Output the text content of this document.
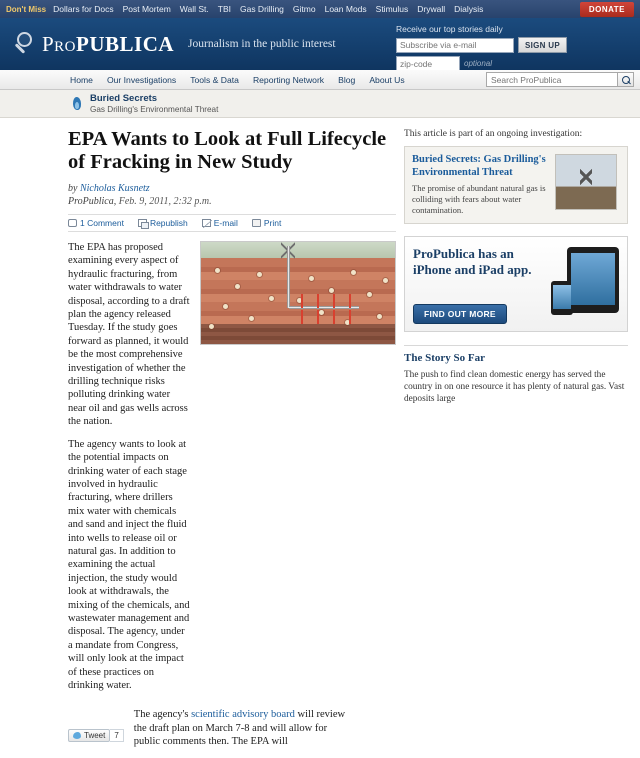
Don't Miss Dollars for Docs Post Mortem Wall St. TBI Gas Drilling Gitmo Loan Mods Stimulus Drywall Dialysis	DONATE
ProPUBLICA Journalism in the public interest
Receive our top stories daily
Subscribe via e-mail
SIGN UP
zip-code
optional
Home Our Investigations Tools & Data Reporting Network Blog About Us
Search ProPublica
Buried Secrets
Gas Drilling's Environmental Threat
EPA Wants to Look at Full Lifecycle of Fracking in New Study
by Nicholas Kusnetz
ProPublica, Feb. 9, 2011, 2:32 p.m.
1 Comment	Republish	E-mail	Print

The EPA has proposed examining every aspect of hydraulic fracturing, from water withdrawals to water disposal, according to a draft plan the agency released Tuesday. If the study goes forward as planned, it would be the most comprehensive investigation of whether the drilling technique risks polluting drinking water near oil and gas wells across the nation.

The agency wants to look at the potential impacts on drinking water of each stage involved in hydraulic fracturing, where drillers mix water with chemicals and sand and inject the fluid into wells to release oil or natural gas. In addition to examining the actual injection, the study would look at withdrawals, the mixing of the chemicals, and wastewater management and disposal. The agency, under a mandate from Congress, will only look at the impact of these practices on drinking water.

Tweet	7

The agency's scientific advisory board will review the draft plan on March 7-8 and will allow for public comments then. The EPA will

This article is part of an ongoing investigation:
Buried Secrets: Gas Drilling's Environmental Threat
The promise of abundant natural gas is colliding with fears about water contamination.
ProPublica has an iPhone and iPad app.
FIND OUT MORE
The Story So Far

The push to find clean domestic energy has served the country in on one resource it has plenty of natural gas. Vast deposits large
